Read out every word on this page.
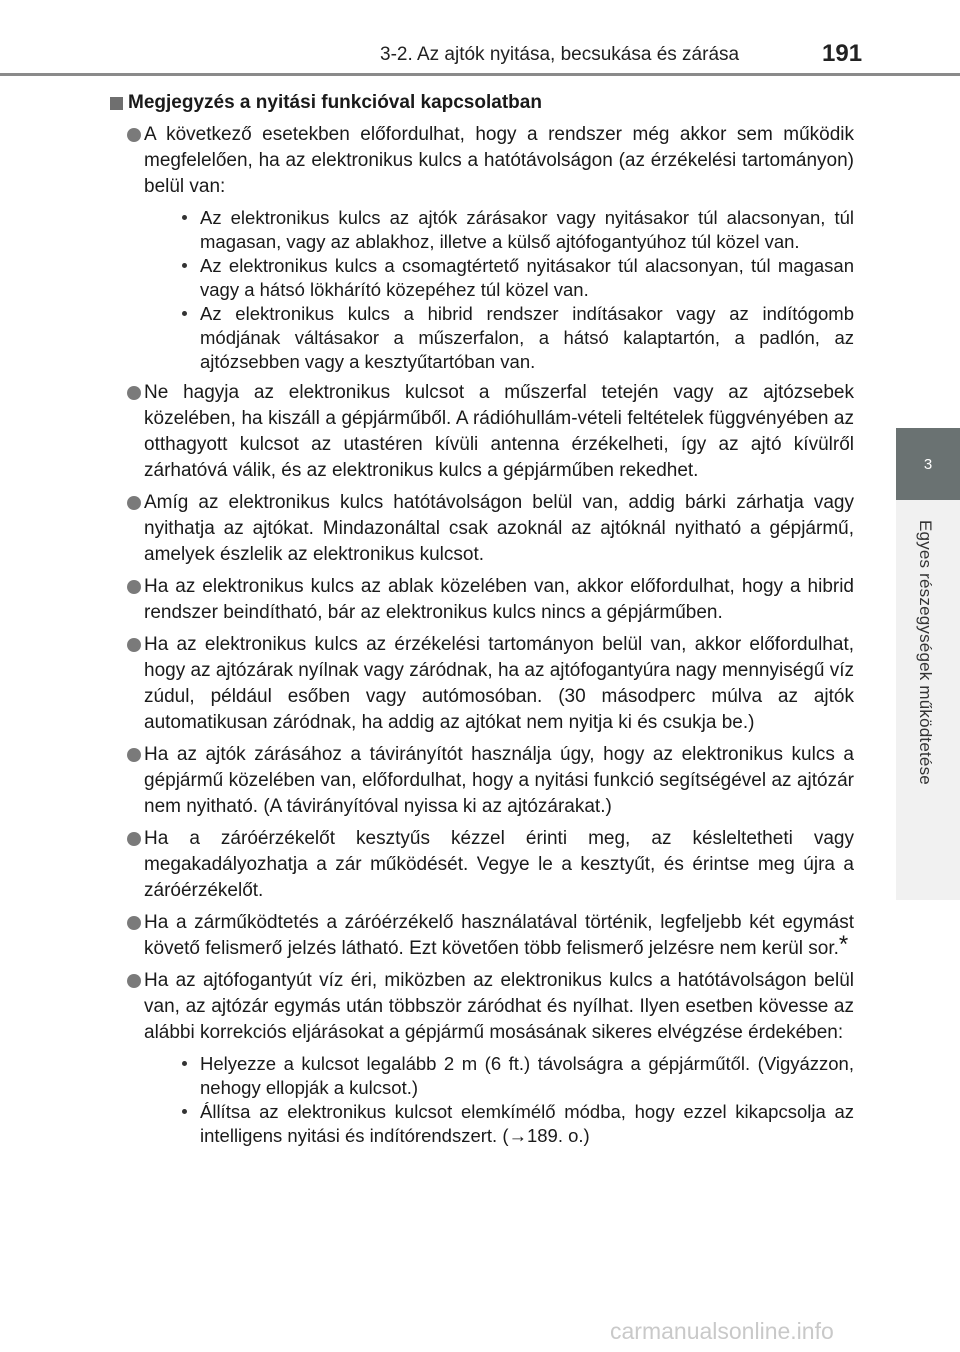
3-2. Az ajtók nyitása, becsukása és zárása	191
3
Egyes részegységek működtetése
Megjegyzés a nyitási funkcióval kapcsolatban
A következő esetekben előfordulhat, hogy a rendszer még akkor sem működik megfelelően, ha az elektronikus kulcs a hatótávolságon (az érzékelési tartományon) belül van:
Az elektronikus kulcs az ajtók zárásakor vagy nyitásakor túl alacsonyan, túl magasan, vagy az ablakhoz, illetve a külső ajtófogantyúhoz túl közel van.
Az elektronikus kulcs a csomagtértető nyitásakor túl alacsonyan, túl magasan vagy a hátsó lökhárító közepéhez túl közel van.
Az elektronikus kulcs a hibrid rendszer indításakor vagy az indítógomb módjának váltásakor a műszerfalon, a hátsó kalaptartón, a padlón, az ajtózsebben vagy a kesztyűtartóban van.
Ne hagyja az elektronikus kulcsot a műszerfal tetején vagy az ajtózsebek közelében, ha kiszáll a gépjárműből. A rádióhullám-vételi feltételek függvényében az otthagyott kulcsot az utastéren kívüli antenna érzékelheti, így az ajtó kívülről zárhatóvá válik, és az elektronikus kulcs a gépjárműben rekedhet.
Amíg az elektronikus kulcs hatótávolságon belül van, addig bárki zárhatja vagy nyithatja az ajtókat. Mindazonáltal csak azoknál az ajtóknál nyitható a gépjármű, amelyek észlelik az elektronikus kulcsot.
Ha az elektronikus kulcs az ablak közelében van, akkor előfordulhat, hogy a hibrid rendszer beindítható, bár az elektronikus kulcs nincs a gépjárműben.
Ha az elektronikus kulcs az érzékelési tartományon belül van, akkor előfordulhat, hogy az ajtózárak nyílnak vagy záródnak, ha az ajtófogantyúra nagy mennyiségű víz zúdul, például esőben vagy autómosóban. (30 másodperc múlva az ajtók automatikusan záródnak, ha addig az ajtókat nem nyitja ki és csukja be.)
Ha az ajtók zárásához a távirányítót használja úgy, hogy az elektronikus kulcs a gépjármű közelében van, előfordulhat, hogy a nyitási funkció segítségével az ajtózár nem nyitható. (A távirányítóval nyissa ki az ajtózárakat.)
Ha a záróérzékelőt kesztyűs kézzel érinti meg, az késleltetheti vagy megakadályozhatja a zár működését. Vegye le a kesztyűt, és érintse meg újra a záróérzékelőt.
Ha a zárműködtetés a záróérzékelő használatával történik, legfeljebb két egymást követő felismerő jelzés látható. Ezt követően több felismerő jelzésre nem kerül sor.*
Ha az ajtófogantyút víz éri, miközben az elektronikus kulcs a hatótávolságon belül van, az ajtózár egymás után többször záródhat és nyílhat. Ilyen esetben kövesse az alábbi korrekciós eljárásokat a gépjármű mosásának sikeres elvégzése érdekében:
Helyezze a kulcsot legalább 2 m (6 ft.) távolságra a gépjárműtől. (Vigyázzon, nehogy ellopják a kulcsot.)
Állítsa az elektronikus kulcsot elemkímélő módba, hogy ezzel kikapcsolja az intelligens nyitási és indítórendszert. (→189. o.)
carmanualsonline.info
